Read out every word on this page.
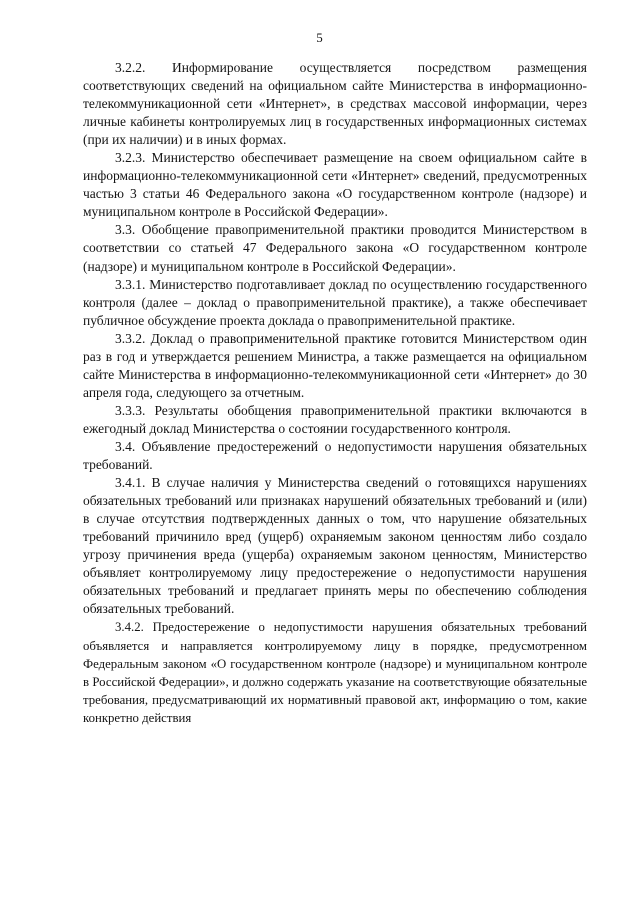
5

3.2.2. Информирование осуществляется посредством размещения соответствующих сведений на официальном сайте Министерства в информационно-телекоммуникационной сети «Интернет», в средствах массовой информации, через личные кабинеты контролируемых лиц в государственных информационных системах (при их наличии) и в иных формах.

3.2.3. Министерство обеспечивает размещение на своем официальном сайте в информационно-телекоммуникационной сети «Интернет» сведений, предусмотренных частью 3 статьи 46 Федерального закона «О государственном контроле (надзоре) и муниципальном контроле в Российской Федерации».

3.3. Обобщение правоприменительной практики проводится Министерством в соответствии со статьей 47 Федерального закона «О государственном контроле (надзоре) и муниципальном контроле в Российской Федерации».

3.3.1. Министерство подготавливает доклад по осуществлению государственного контроля (далее – доклад о правоприменительной практике), а также обеспечивает публичное обсуждение проекта доклада о правоприменительной практике.

3.3.2. Доклад о правоприменительной практике готовится Министерством один раз в год и утверждается решением Министра, а также размещается на официальном сайте Министерства в информационно-телекоммуникационной сети «Интернет» до 30 апреля года, следующего за отчетным.

3.3.3. Результаты обобщения правоприменительной практики включаются в ежегодный доклад Министерства о состоянии государственного контроля.

3.4. Объявление предостережений о недопустимости нарушения обязательных требований.

3.4.1. В случае наличия у Министерства сведений о готовящихся нарушениях обязательных требований или признаках нарушений обязательных требований и (или) в случае отсутствия подтвержденных данных о том, что нарушение обязательных требований причинило вред (ущерб) охраняемым законом ценностям либо создало угрозу причинения вреда (ущерба) охраняемым законом ценностям, Министерство объявляет контролируемому лицу предостережение о недопустимости нарушения обязательных требований и предлагает принять меры по обеспечению соблюдения обязательных требований.

3.4.2. Предостережение о недопустимости нарушения обязательных требований объявляется и направляется контролируемому лицу в порядке, предусмотренном Федеральным законом «О государственном контроле (надзоре) и муниципальном контроле в Российской Федерации», и должно содержать указание на соответствующие обязательные требования, предусматривающий их нормативный правовой акт, информацию о том, какие конкретно действия
